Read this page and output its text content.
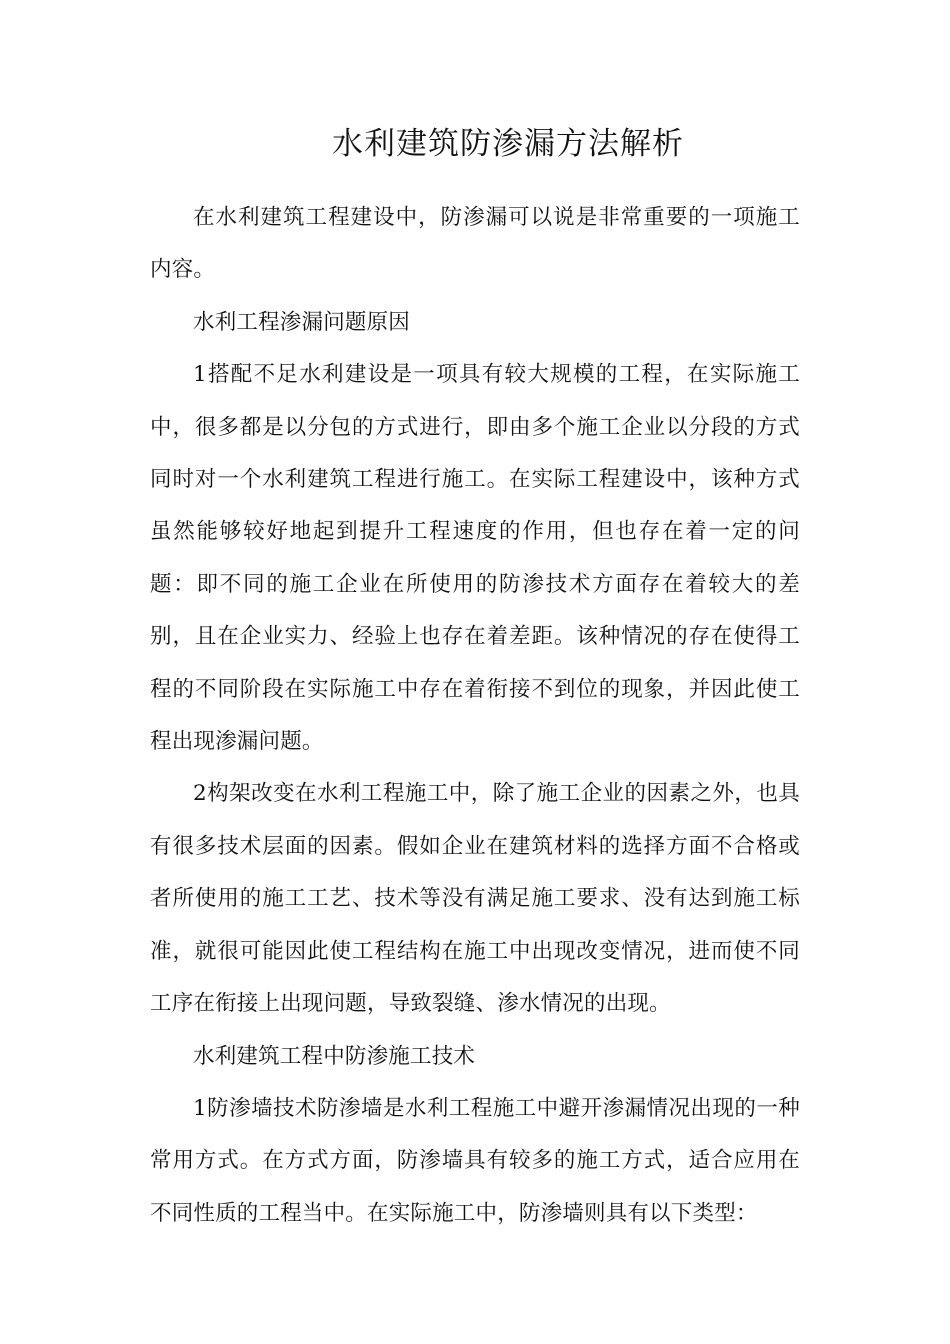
水利建筑防渗漏方法解析

在水利建筑工程建设中，防渗漏可以说是非常重要的一项施工内容。

水利工程渗漏问题原因

1搭配不足水利建设是一项具有较大规模的工程，在实际施工中，很多都是以分包的方式进行，即由多个施工企业以分段的方式同时对一个水利建筑工程进行施工。在实际工程建设中，该种方式虽然能够较好地起到提升工程速度的作用，但也存在着一定的问题：即不同的施工企业在所使用的防渗技术方面存在着较大的差别，且在企业实力、经验上也存在着差距。该种情况的存在使得工程的不同阶段在实际施工中存在着衔接不到位的现象，并因此使工程出现渗漏问题。

2构架改变在水利工程施工中，除了施工企业的因素之外，也具有很多技术层面的因素。假如企业在建筑材料的选择方面不合格或者所使用的施工工艺、技术等没有满足施工要求、没有达到施工标准，就很可能因此使工程结构在施工中出现改变情况，进而使不同工序在衔接上出现问题，导致裂缝、渗水情况的出现。

水利建筑工程中防渗施工技术

1防渗墙技术防渗墙是水利工程施工中避开渗漏情况出现的一种常用方式。在方式方面，防渗墙具有较多的施工方式，适合应用在不同性质的工程当中。在实际施工中，防渗墙则具有以下类型：
